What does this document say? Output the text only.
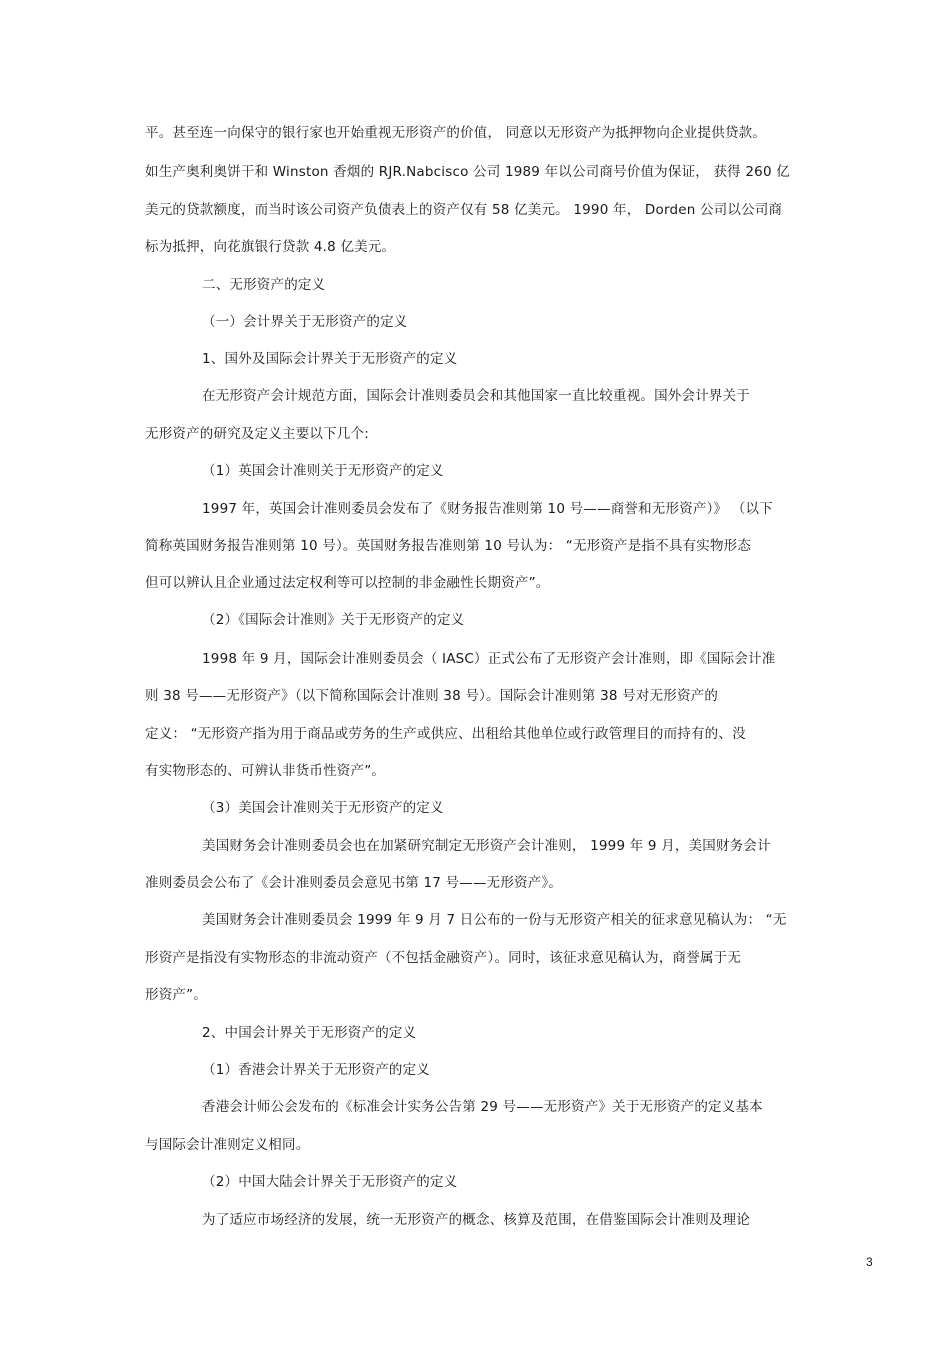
平。甚至连一向保守的银行家也开始重视无形资产的价值， 同意以无形资产为抵押物向企业提供贷款。
如生产奥利奥饼干和 Winston 香烟的 RJR.Nabcisco 公司 1989 年以公司商号价值为保证， 获得 260 亿
美元的贷款额度，而当时该公司资产负债表上的资产仅有 58 亿美元。 1990 年， Dorden 公司以公司商
标为抵押，向花旗银行贷款 4.8 亿美元。
二、无形资产的定义
（一）会计界关于无形资产的定义
1、国外及国际会计界关于无形资产的定义
在无形资产会计规范方面，国际会计准则委员会和其他国家一直比较重视。国外会计界关于
无形资产的研究及定义主要以下几个:
（1）英国会计准则关于无形资产的定义
1997 年，英国会计准则委员会发布了《财务报告准则第 10 号——商誉和无形资产）》 （以下
简称英国财务报告准则第 10 号）。英国财务报告准则第 10 号认为： “无形资产是指不具有实物形态
但可以辨认且企业通过法定权利等可以控制的非金融性长期资产”。
（2）《国际会计准则》关于无形资产的定义
1998 年 9 月，国际会计准则委员会（ IASC）正式公布了无形资产会计准则，即《国际会计准
则 38 号——无形资产》（以下简称国际会计准则 38 号）。国际会计准则第 38 号对无形资产的
定义： “无形资产指为用于商品或劳务的生产或供应、出租给其他单位或行政管理目的而持有的、没
有实物形态的、可辨认非货币性资产”。
（3）美国会计准则关于无形资产的定义
美国财务会计准则委员会也在加紧研究制定无形资产会计准则， 1999 年 9 月，美国财务会计
准则委员会公布了《会计准则委员会意见书第 17 号——无形资产》。
美国财务会计准则委员会 1999 年 9 月 7 日公布的一份与无形资产相关的征求意见稿认为： “无
形资产是指没有实物形态的非流动资产（不包括金融资产）。同时，该征求意见稿认为，商誉属于无
形资产”。
2、中国会计界关于无形资产的定义
（1）香港会计界关于无形资产的定义
香港会计师公会发布的《标准会计实务公告第 29 号——无形资产》关于无形资产的定义基本
与国际会计准则定义相同。
（2）中国大陆会计界关于无形资产的定义
为了适应市场经济的发展，统一无形资产的概念、核算及范围，在借鉴国际会计准则及理论
3
